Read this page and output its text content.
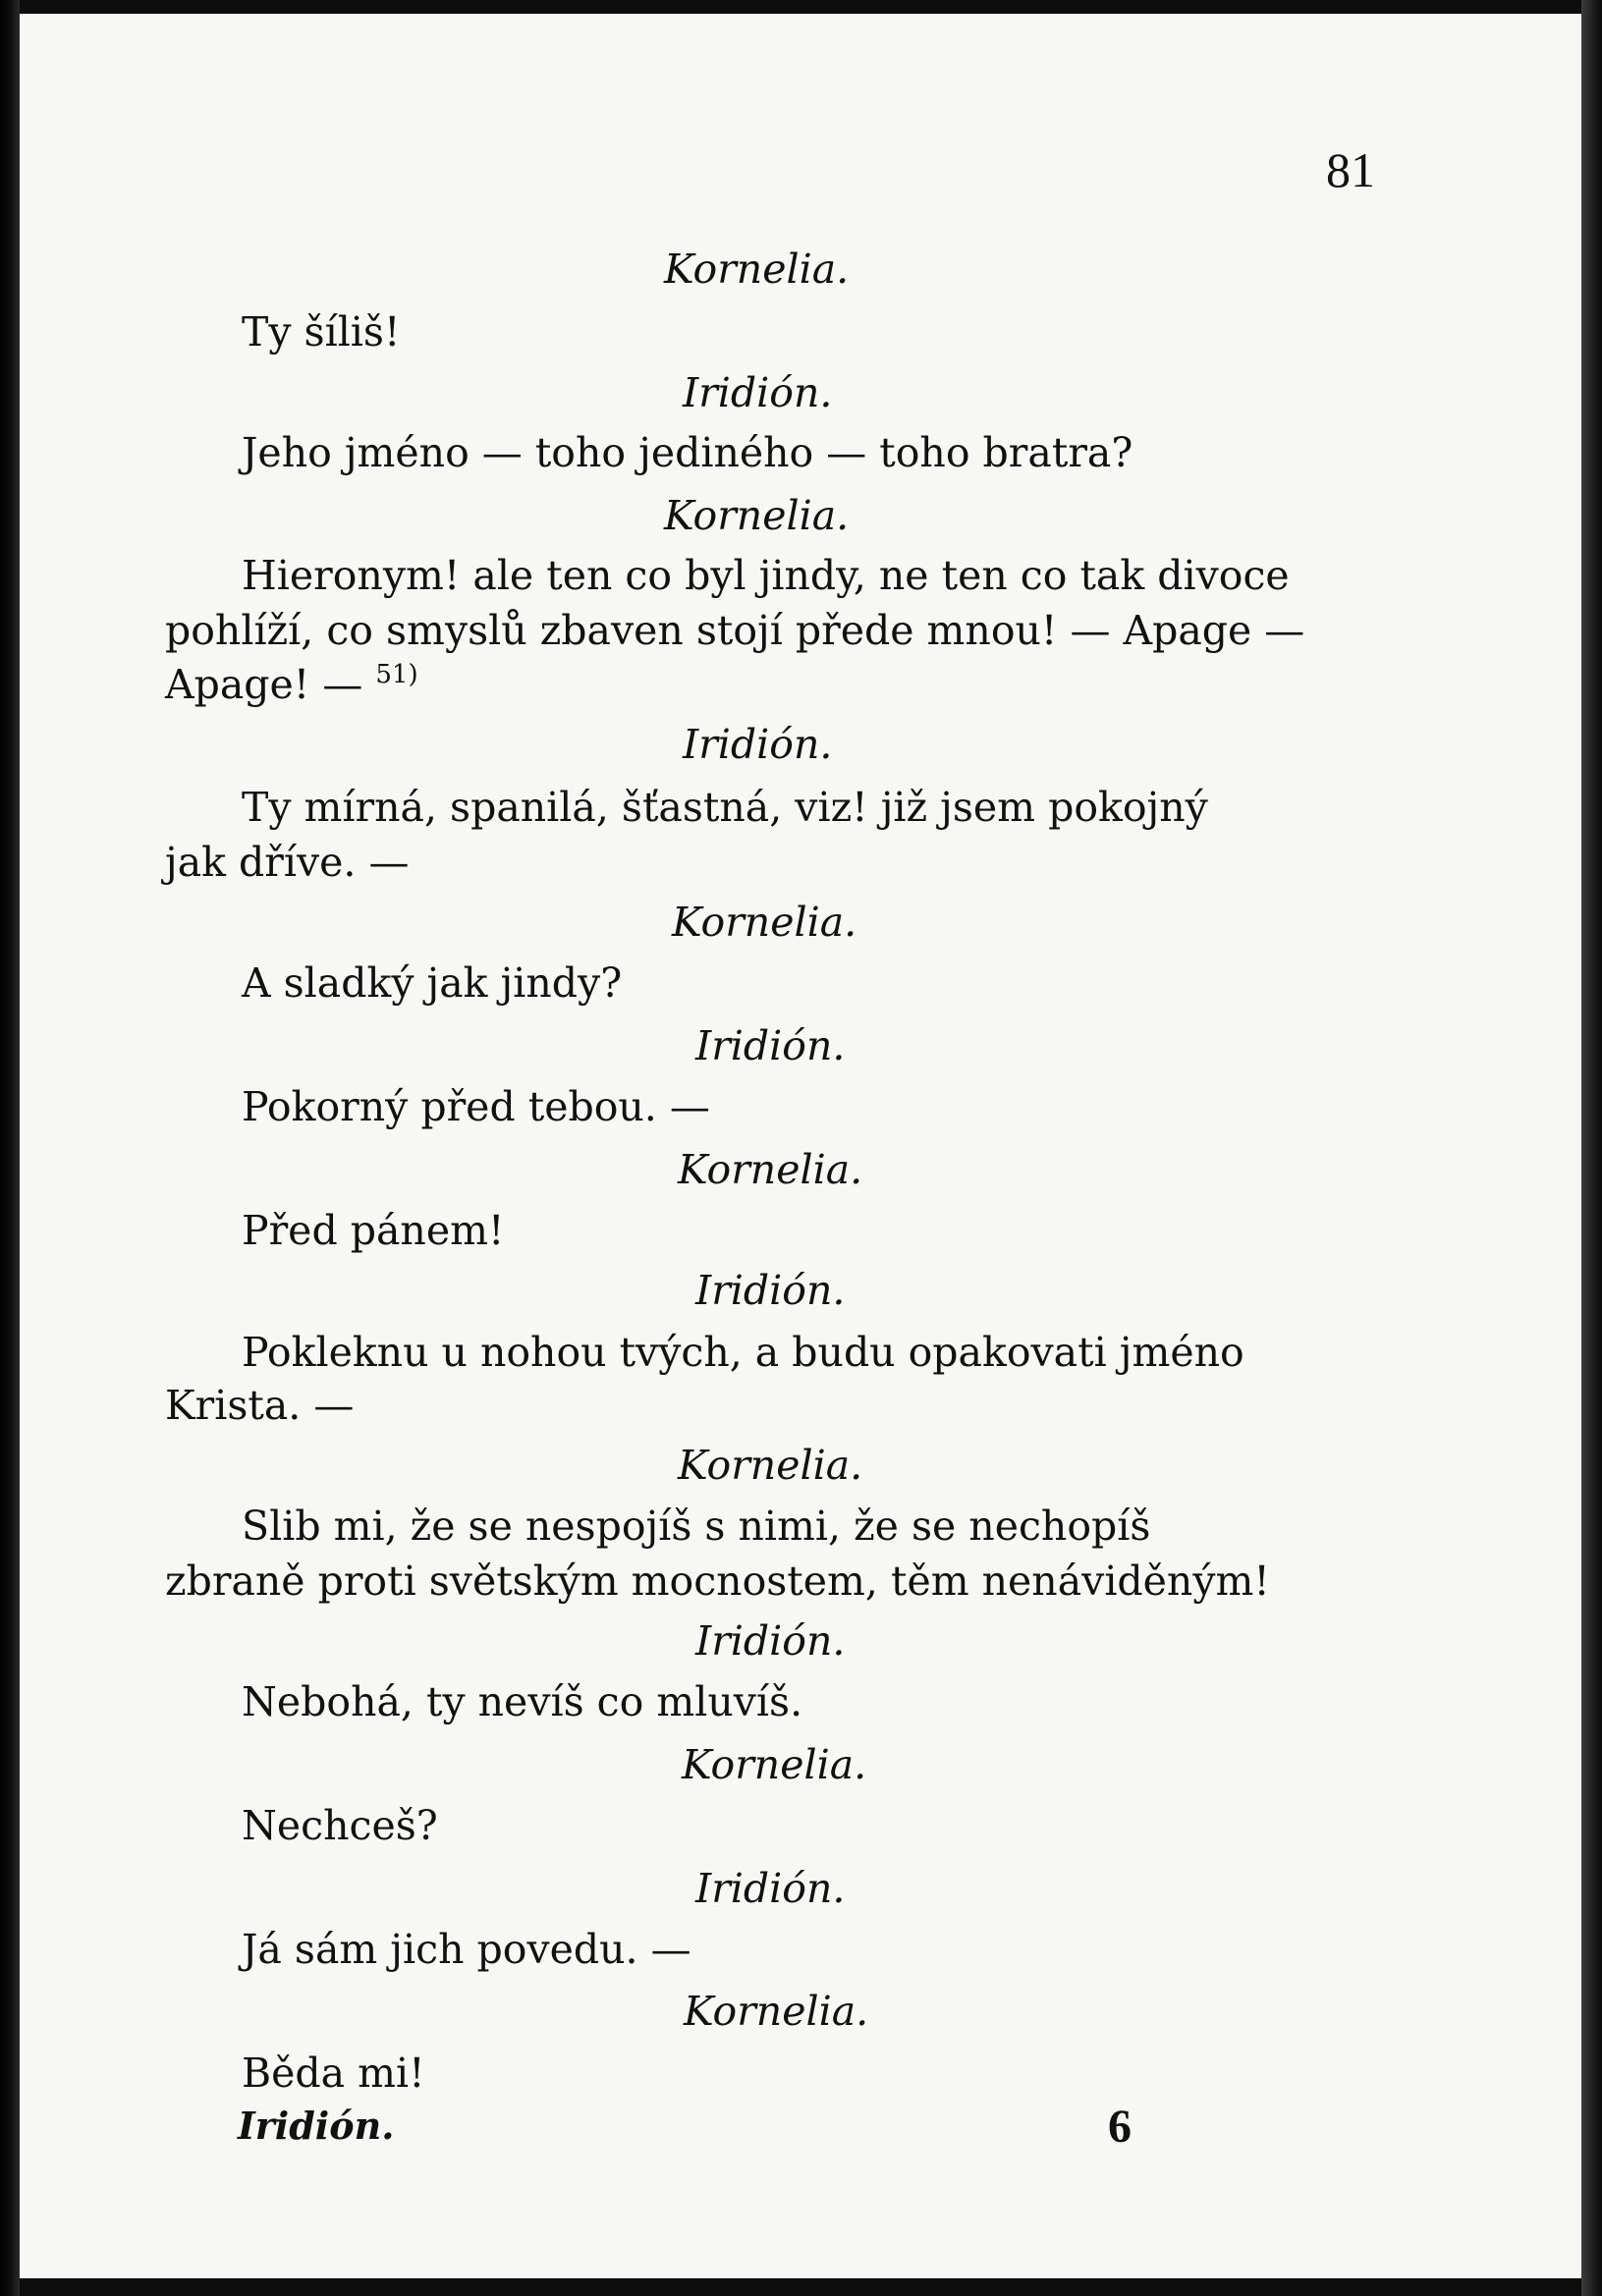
81
Kornelia.
Ty šíliš!
Iridión.
Jeho jméno — toho jediného — toho bratra?
Kornelia.
Hieronym! ale ten co byl jindy, ne ten co tak divoce
pohlíží, co smyslů zbaven stojí přede mnou! — Apage —
Apage! — $^{51)}$
Iridión.
Ty mírná, spanilá, šťastná, viz! již jsem pokojný
jak dříve. —
Kornelia.
A sladký jak jindy?
Iridión.
Pokorný před tebou. —
Kornelia.
Před pánem!
Iridión.
Pokleknu u nohou tvých, a budu opakovati jméno
Krista. —
Kornelia.
Slib mi, že se nespojíš s nimi, že se nechopíš
zbraně proti světským mocnostem, těm nenáviděným!
Iridión.
Nebohá, ty nevíš co mluvíš.
Kornelia.
Nechceš?
Iridión.
Já sám jich povedu. —
Kornelia.
Běda mi!
Iridión.	6
